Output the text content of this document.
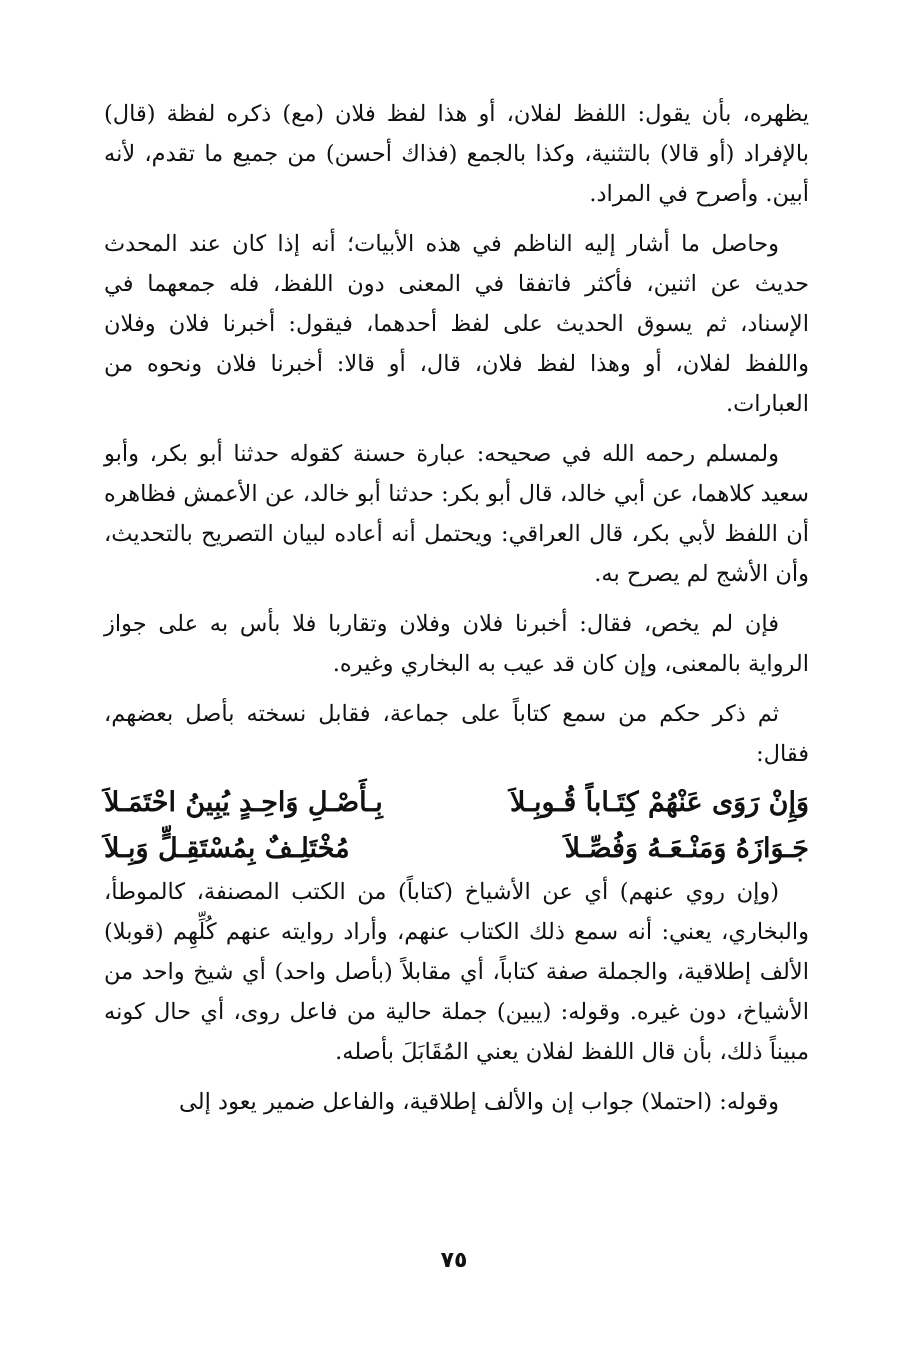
يظهره، بأن يقول: اللفظ لفلان، أو هذا لفظ فلان (مع) ذكره لفظة (قال) بالإفراد (أو قالا) بالتثنية، وكذا بالجمع (فذاك أحسن) من جميع ما تقدم، لأنه أبين. وأصرح في المراد.

وحاصل ما أشار إليه الناظم في هذه الأبيات؛ أنه إذا كان عند المحدث حديث عن اثنين، فأكثر فاتفقا في المعنى دون اللفظ، فله جمعهما في الإسناد، ثم يسوق الحديث على لفظ أحدهما، فيقول: أخبرنا فلان وفلان واللفظ لفلان، أو وهذا لفظ فلان، قال، أو قالا: أخبرنا فلان ونحوه من العبارات.

ولمسلم رحمه الله في صحيحه: عبارة حسنة كقوله حدثنا أبو بكر، وأبو سعيد كلاهما، عن أبي خالد، قال أبو بكر: حدثنا أبو خالد، عن الأعمش فظاهره أن اللفظ لأبي بكر، قال العراقي: ويحتمل أنه أعاده لبيان التصريح بالتحديث، وأن الأشج لم يصرح به.

فإن لم يخص، فقال: أخبرنا فلان وفلان وتقاربا فلا بأس به على جواز الرواية بالمعنى، وإن كان قد عيب به البخاري وغيره.

ثم ذكر حكم من سمع كتاباً على جماعة، فقابل نسخته بأصل بعضهم، فقال:

وَإِنْ رَوَى عَنْهُمْ كِتَـاباً قُـوبِـلاَ
بِـأَصْـلِ وَاحِـدٍ يُبِينُ احْتَمَـلاَ
جَـوَازَهُ وَمَنْـعَـهُ وَفُصِّـلاَ
مُخْتَلِـفٌ بِمُسْتَقِـلٍّ وَبِـلاَ

(وإن روي عنهم) أي عن الأشياخ (كتاباً) من الكتب المصنفة، كالموطأ، والبخاري، يعني: أنه سمع ذلك الكتاب عنهم، وأراد روايته عنهم كُلِّهِم (قوبلا) الألف إطلاقية، والجملة صفة كتاباً، أي مقابلاً (بأصل واحد) أي شيخ واحد من الأشياخ، دون غيره. وقوله: (يبين) جملة حالية من فاعل روى، أي حال كونه مبيناً ذلك، بأن قال اللفظ لفلان يعني المُقَابَلَ بأصله.

وقوله: (احتملا) جواب إن والألف إطلاقية، والفاعل ضمير يعود إلى

٧٥
